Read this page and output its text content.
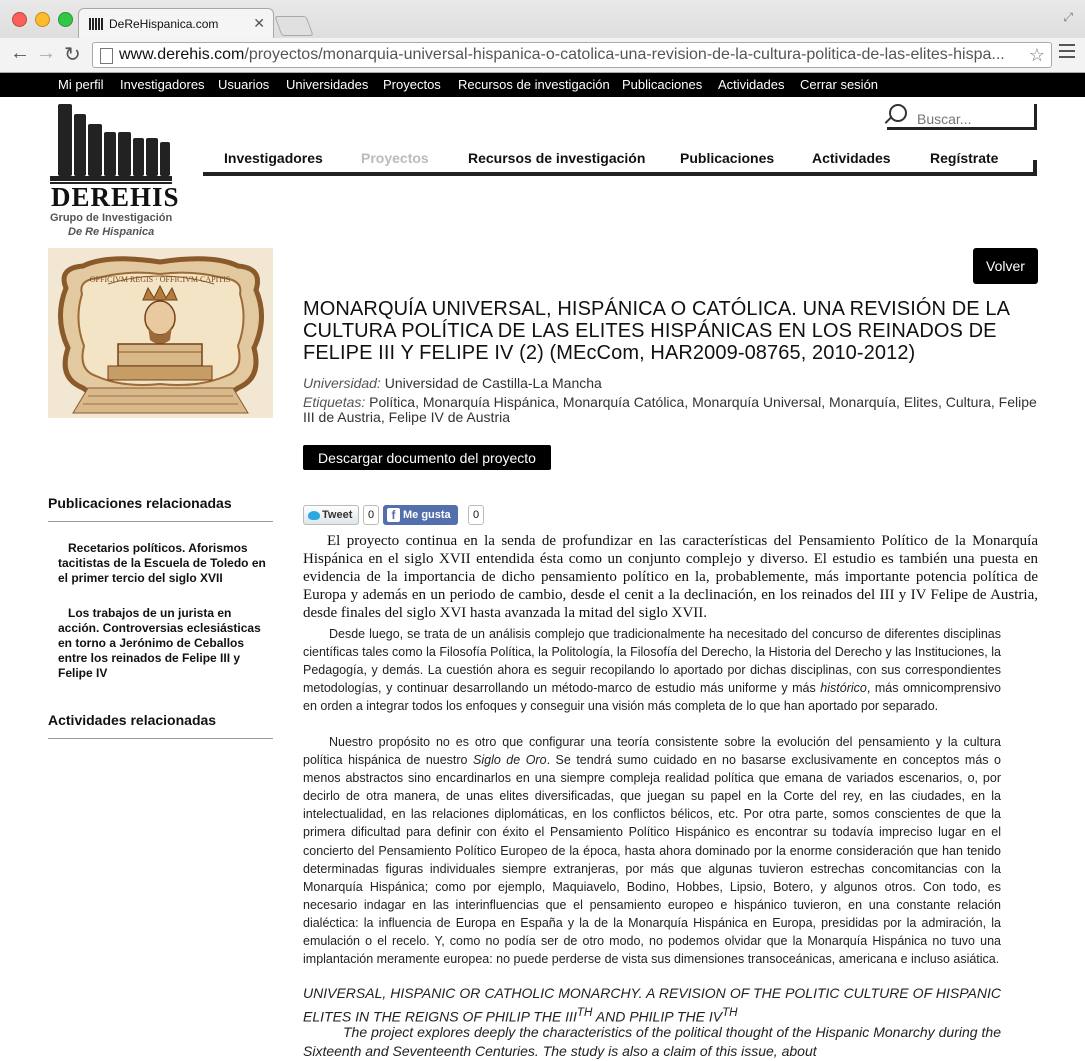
DeReHispanica.com ✕	⤢
← → ↻	www.derehis.com/proyectos/monarquia-universal-hispanica-o-catolica-una-revision-de-la-cultura-politica-de-las-elites-hispa... ☆
Mi perfil Investigadores Usuarios Universidades Proyectos Recursos de investigación Publicaciones Actividades Cerrar sesión
DEREHIS
Grupo de Investigación
De Re Hispanica
Buscar...
Investigadores	Proyectos	Recursos de investigación Publicaciones	Actividades	Regístrate
OFFICIVM REGIS · OFFICIVM CAPITIS
Volver
MONARQUÍA UNIVERSAL, HISPÁNICA O CATÓLICA. UNA REVISIÓN DE LA CULTURA POLÍTICA DE LAS ELITES HISPÁNICAS EN LOS REINADOS DE FELIPE III Y FELIPE IV (2) (MEcCom, HAR2009-08765, 2010-2012)
Universidad: Universidad de Castilla-La Mancha
Etiquetas: Política, Monarquía Hispánica, Monarquía Católica, Monarquía Universal, Monarquía, Elites, Cultura, Felipe III de Austria, Felipe IV de Austria
Descargar documento del proyecto
Publicaciones relacionadas
Recetarios políticos. Aforismos tacitistas de la Escuela de Toledo en el primer tercio del siglo XVII
Los trabajos de un jurista en acción. Controversias eclesiásticas en torno a Jerónimo de Ceballos entre los reinados de Felipe III y Felipe IV
Actividades relacionadas
Tweet	0
f	Me gusta	0

El proyecto continua en la senda de profundizar en las características del Pensamiento Político de la Monarquía Hispánica en el siglo XVII entendida ésta como un conjunto complejo y diverso. El estudio es también una puesta en evidencia de la importancia de dicho pensamiento político en la, probablemente, más importante potencia política de Europa y además en un periodo de cambio, desde el cenit a la declinación, en los reinados del III y IV Felipe de Austria, desde finales del siglo XVI hasta avanzada la mitad del siglo XVII.

Desde luego, se trata de un análisis complejo que tradicionalmente ha necesitado del concurso de diferentes disciplinas científicas tales como la Filosofía Política, la Politología, la Filosofía del Derecho, la Historia del Derecho y las Instituciones, la Pedagogía, y demás. La cuestión ahora es seguir recopilando lo aportado por dichas disciplinas, con sus correspondientes metodologías, y continuar desarrollando un método-marco de estudio más uniforme y más histórico, más omnicomprensivo en orden a integrar todos los enfoques y conseguir una visión más completa de lo que han aportado por separado.

Nuestro propósito no es otro que configurar una teoría consistente sobre la evolución del pensamiento y la cultura política hispánica de nuestro Siglo de Oro. Se tendrá sumo cuidado en no basarse exclusivamente en conceptos más o menos abstractos sino encardinarlos en una siempre compleja realidad política que emana de variados escenarios, o, por decirlo de otra manera, de unas elites diversificadas, que juegan su papel en la Corte del rey, en las ciudades, en la intelectualidad, en las relaciones diplomáticas, en los conflictos bélicos, etc. Por otra parte, somos conscientes de que la primera dificultad para definir con éxito el Pensamiento Político Hispánico es encontrar su todavía impreciso lugar en el concierto del Pensamiento Político Europeo de la época, hasta ahora dominado por la enorme consideración que han tenido determinadas figuras individuales siempre extranjeras, por más que algunas tuvieron estrechas concomitancias con la Monarquía Hispánica; como por ejemplo, Maquiavelo, Bodino, Hobbes, Lipsio, Botero, y algunos otros. Con todo, es necesario indagar en las interinfluencias que el pensamiento europeo e hispánico tuvieron, en una constante relación dialéctica: la influencia de Europa en España y la de la Monarquía Hispánica en Europa, presididas por la admiración, la emulación o el recelo. Y, como no podía ser de otro modo, no podemos olvidar que la Monarquía Hispánica no tuvo una implantación meramente europea: no puede perderse de vista sus dimensiones transoceánicas, americana e incluso asiática.

UNIVERSAL, HISPANIC OR CATHOLIC MONARCHY. A REVISION OF THE POLITIC CULTURE OF HISPANIC ELITES IN THE REIGNS OF PHILIP THE IIITH AND PHILIP THE IVTH

The project explores deeply the characteristics of the political thought of the Hispanic Monarchy during the Sixteenth and Seventeenth Centuries. The study is also a claim of this issue, about
